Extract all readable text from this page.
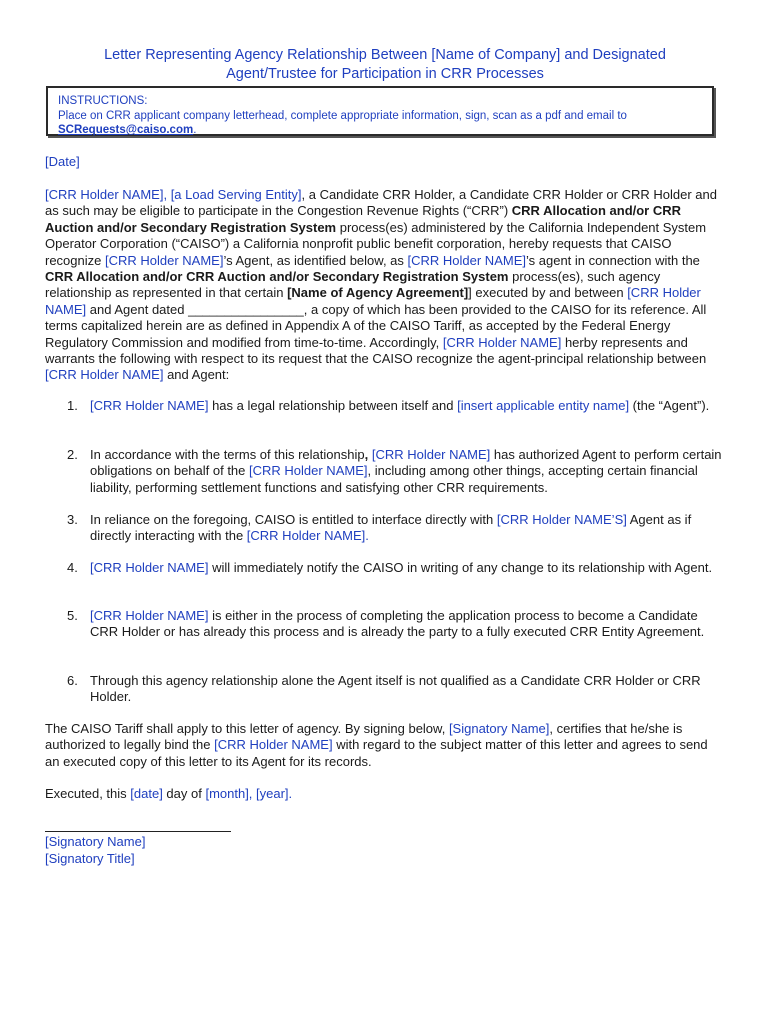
Letter Representing Agency Relationship Between [Name of Company] and Designated
Agent/Trustee for Participation in CRR Processes
INSTRUCTIONS:
Place on CRR applicant company letterhead, complete appropriate information, sign, scan as a pdf and email to
SCRequests@caiso.com.
[Date]

[CRR Holder NAME], [a Load Serving Entity], a Candidate CRR Holder, a Candidate CRR Holder or CRR Holder and as such may be eligible to participate in the Congestion Revenue Rights (“CRR”) CRR Allocation and/or CRR Auction and/or Secondary Registration System process(es) administered by the California Independent System Operator Corporation (“CAISO”) a California nonprofit public benefit corporation, hereby requests that CAISO recognize [CRR Holder NAME]’s Agent, as identified below, as [CRR Holder NAME]’s agent in connection with the CRR Allocation and/or CRR Auction and/or Secondary Registration System process(es), such agency relationship as represented in that certain [Name of Agency Agreement]] executed by and between [CRR Holder NAME] and Agent dated ________________, a copy of which has been provided to the CAISO for its reference. All terms capitalized herein are as defined in Appendix A of the CAISO Tariff, as accepted by the Federal Energy Regulatory Commission and modified from time-to-time. Accordingly, [CRR Holder NAME] herby represents and warrants the following with respect to its request that the CAISO recognize the agent-principal relationship between [CRR Holder NAME] and Agent:

1. [CRR Holder NAME] has a legal relationship between itself and [insert applicable entity name] (the “Agent”).
2. In accordance with the terms of this relationship, [CRR Holder NAME] has authorized Agent to perform certain obligations on behalf of the [CRR Holder NAME], including among other things, accepting certain financial liability, performing settlement functions and satisfying other CRR requirements.
3. In reliance on the foregoing, CAISO is entitled to interface directly with [CRR Holder NAME’S] Agent as if directly interacting with the [CRR Holder NAME].
4. [CRR Holder NAME] will immediately notify the CAISO in writing of any change to its relationship with Agent.
5. [CRR Holder NAME] is either in the process of completing the application process to become a Candidate CRR Holder or has already this process and is already the party to a fully executed CRR Entity Agreement.
6. Through this agency relationship alone the Agent itself is not qualified as a Candidate CRR Holder or CRR Holder.

The CAISO Tariff shall apply to this letter of agency. By signing below, [Signatory Name], certifies that he/she is authorized to legally bind the [CRR Holder NAME] with regard to the subject matter of this letter and agrees to send an executed copy of this letter to its Agent for its records.

Executed, this [date] day of [month], [year].
[Signatory Name]
[Signatory Title]
